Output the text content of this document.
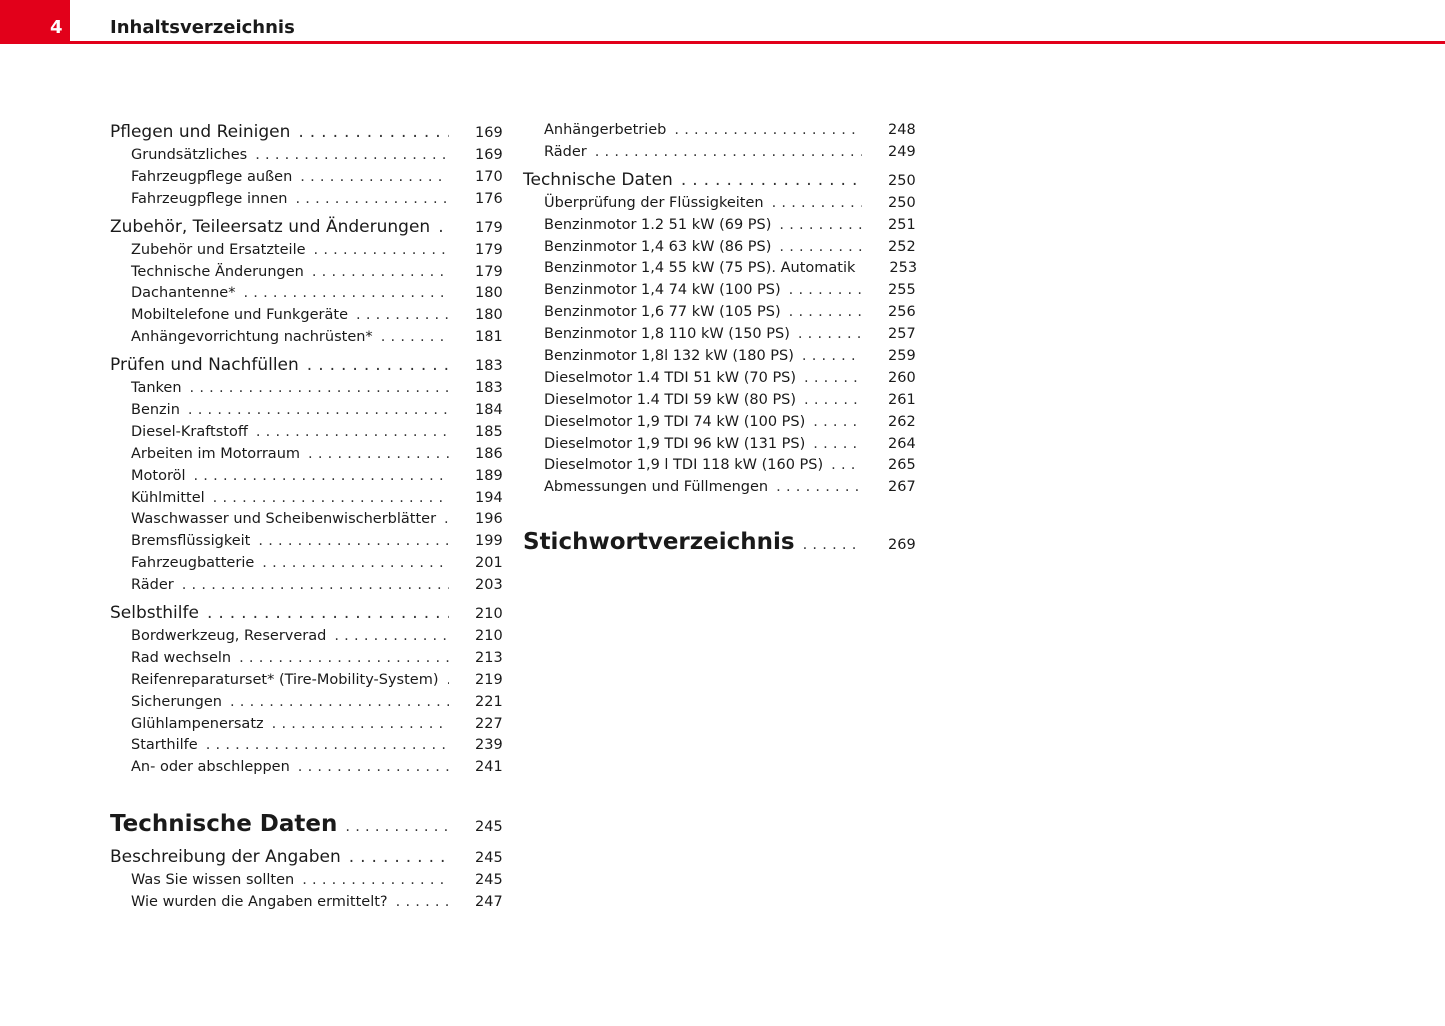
4	Inhaltsverzeichnis
Pflegen und Reinigen . . .	169
Grundsätzliches . . .	169
Fahrzeugpflege außen . . .	170
Fahrzeugpflege innen . . .	176
Zubehör, Teileersatz und Änderungen . . .	179
Zubehör und Ersatzteile . . .	179
Technische Änderungen . . .	179
Dachantenne* . . .	180
Mobiltelefone und Funkgeräte . . .	180
Anhängevorrichtung nachrüsten* . . .	181
Prüfen und Nachfüllen . . .	183
Tanken . . .	183
Benzin . . .	184
Diesel-Kraftstoff . . .	185
Arbeiten im Motorraum . . .	186
Motoröl . . .	189
Kühlmittel . . .	194
Waschwasser und Scheibenwischerblätter . . .	196
Bremsflüssigkeit . . .	199
Fahrzeugbatterie . . .	201
Räder . . .	203
Selbsthilfe . . .	210
Bordwerkzeug, Reserverad . . .	210
Rad wechseln . . .	213
Reifenreparaturset* (Tire-Mobility-System) . . .	219
Sicherungen . . .	221
Glühlampenersatz . . .	227
Starthilfe . . .	239
An- oder abschleppen . . .	241
Technische Daten . . .	245
Beschreibung der Angaben . . .	245
Was Sie wissen sollten . . .	245
Wie wurden die Angaben ermittelt? . . .	247
Anhängerbetrieb . . .	248
Räder . . .	249
Technische Daten . . .	250
Überprüfung der Flüssigkeiten . . .	250
Benzinmotor 1.2 51 kW (69 PS) . . .	251
Benzinmotor 1,4 63 kW (86 PS) . . .	252
Benzinmotor 1,4 55 kW (75 PS). Automatik 253
Benzinmotor 1,4 74 kW (100 PS) . . .	255
Benzinmotor 1,6 77 kW (105 PS) . . .	256
Benzinmotor 1,8 110 kW (150 PS) . . .	257
Benzinmotor 1,8l 132 kW (180 PS) . . .	259
Dieselmotor 1.4 TDI 51 kW (70 PS) . . .	260
Dieselmotor 1.4 TDI 59 kW (80 PS) . . .	261
Dieselmotor 1,9 TDI 74 kW (100 PS) . . .	262
Dieselmotor 1,9 TDI 96 kW (131 PS) . . .	264
Dieselmotor 1,9 l TDI 118 kW (160 PS) . . .	265
Abmessungen und Füllmengen . . .	267
Stichwortverzeichnis . . .	269
